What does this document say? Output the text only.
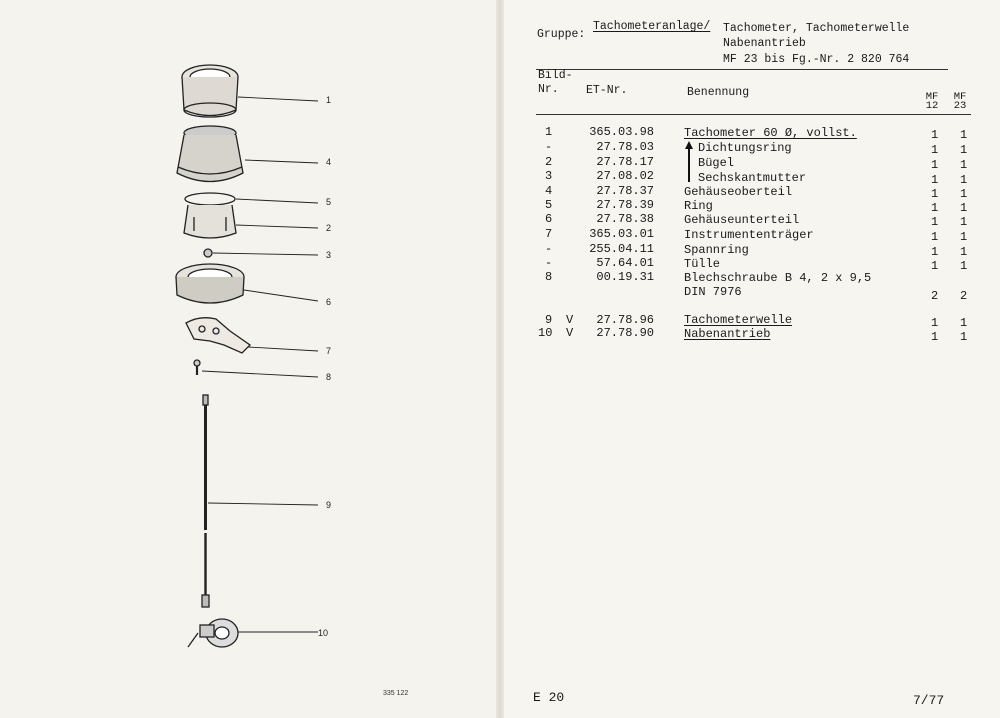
1
4
5
2
3
6
7
8
9
10
335 122
Gruppe:
Tachometeranlage/ Tachometer, Tachometerwelle
Nabenantrieb
MF 23 bis Fg.-Nr. 2 820 764
Bild-
Nr. ET-Nr.	Benennung	MF
12
MF
23
1	365.03.98	Tachometer 60 Ø, vollst.	1 1
-	27.78.03	Dichtungsring	1 1
2	27.78.17	Bügel	1 1
3	27.08.02	Sechskantmutter	1 1
4	27.78.37	Gehäuseoberteil	1 1
5	27.78.39	Ring	1 1
6	27.78.38	Gehäuseunterteil	1 1
7	365.03.01	Instrumententräger	1 1
-	255.04.11	Spannring	1 1
-	57.64.01	Tülle	1 1
8	00.19.31	Blechschraube B 4, 2 x 9,5
DIN 7976	2 2
9 V	27.78.96	Tachometerwelle	1 1
10 V	27.78.90	Nabenantrieb	1 1
E 20	7/77
